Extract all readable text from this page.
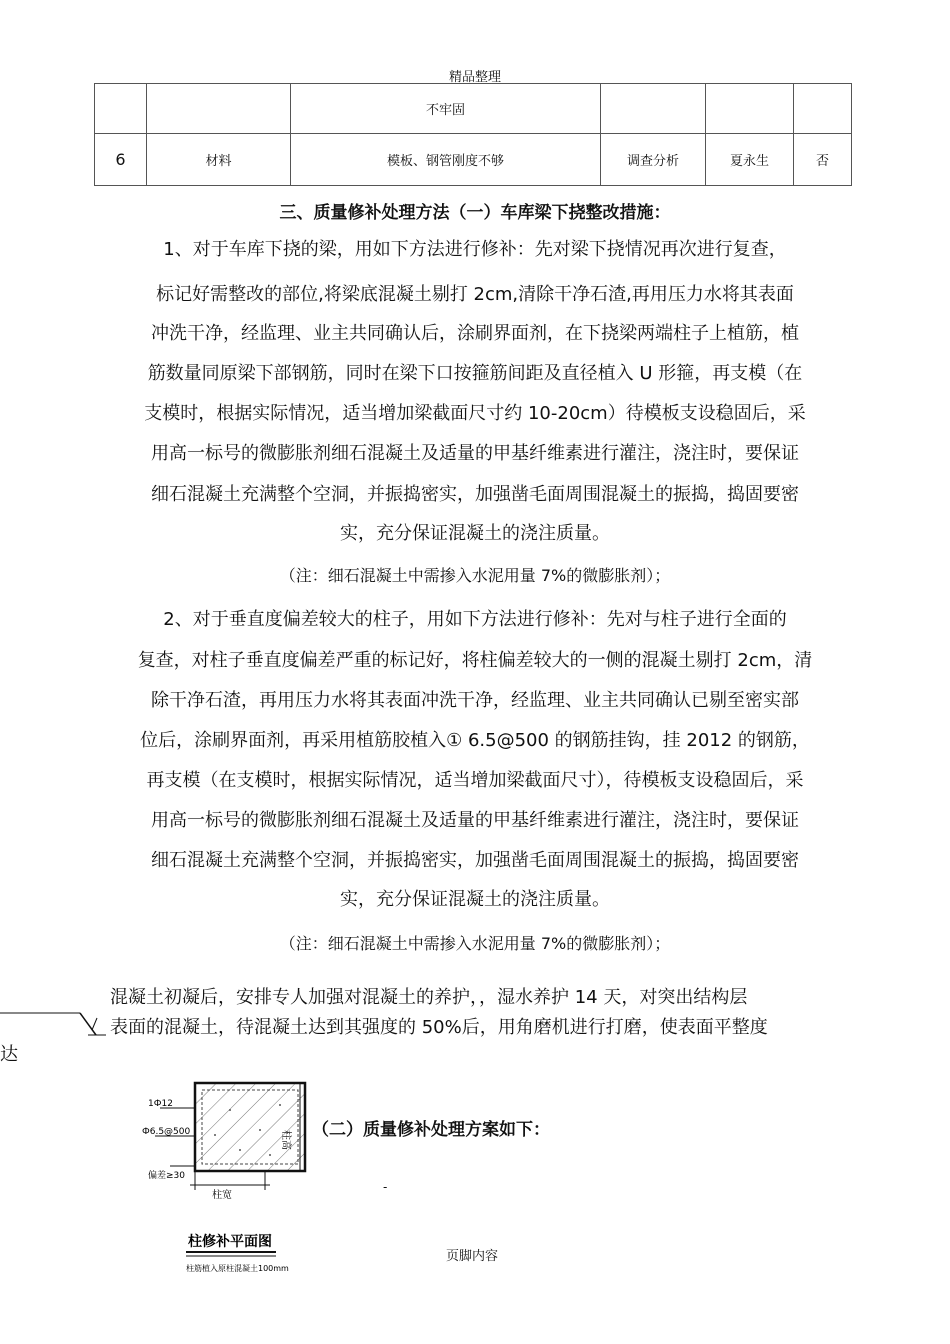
精品整理
		不牢固			
6	材料	模板、钢管刚度不够	调查分析	夏永生	否
三、质量修补处理方法（一）车库梁下挠整改措施：
1、对于车库下挠的梁，用如下方法进行修补：先对梁下挠情况再次进行复查，
标记好需整改的部位,将梁底混凝土剔打 2cm,清除干净石渣,再用压力水将其表面
冲洗干净，经监理、业主共同确认后，涂刷界面剂，在下挠梁两端柱子上植筋，植
筋数量同原梁下部钢筋，同时在梁下口按箍筋间距及直径植入 U 形箍，再支模（在
支模时，根据实际情况，适当增加梁截面尺寸约 10-20cm）待模板支设稳固后，采
用高一标号的微膨胀剂细石混凝土及适量的甲基纤维素进行灌注，浇注时，要保证
细石混凝土充满整个空洞，并振捣密实，加强凿毛面周围混凝土的振捣，捣固要密
实，充分保证混凝土的浇注质量。
（注：细石混凝土中需掺入水泥用量 7%的微膨胀剂）；
2、对于垂直度偏差较大的柱子，用如下方法进行修补：先对与柱子进行全面的
复查，对柱子垂直度偏差严重的标记好，将柱偏差较大的一侧的混凝土剔打 2cm，清
除干净石渣，再用压力水将其表面冲洗干净，经监理、业主共同确认已剔至密实部
位后，涂刷界面剂，再采用植筋胶植入① 6.5@500 的钢筋挂钩，挂 2012 的钢筋，
再支模（在支模时，根据实际情况，适当增加梁截面尺寸），待模板支设稳固后，采
用高一标号的微膨胀剂细石混凝土及适量的甲基纤维素进行灌注，浇注时，要保证
细石混凝土充满整个空洞，并振捣密实，加强凿毛面周围混凝土的振捣，捣固要密
实，充分保证混凝土的浇注质量。
（注：细石混凝土中需掺入水泥用量 7%的微膨胀剂）；
混凝土初凝后，安排专人加强对混凝土的养护，，湿水养护 14 天，对突出结构层
表面的混凝土，待混凝土达到其强度的 50%后，用角磨机进行打磨，使表面平整度
达
柱高
1Ф12
Ф6.5@500
偏差≥30
柱宽
柱修补平面图
柱筋植入原柱混凝土100mm
（二）质量修补处理方案如下：
-
页脚内容
